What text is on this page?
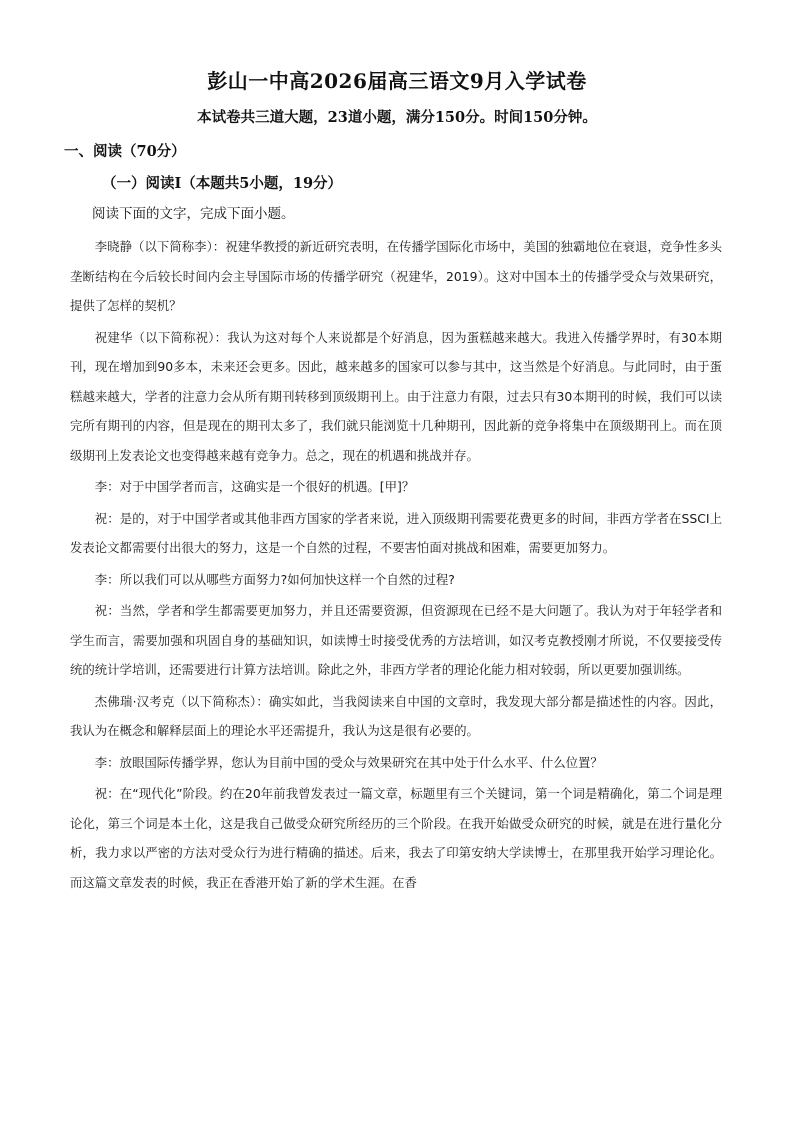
彭山一中高2026届高三语文9月入学试卷
本试卷共三道大题，23道小题，满分150分。时间150分钟。
一、阅读（70分）
（一）阅读Ⅰ（本题共5小题，19分）
阅读下面的文字，完成下面小题。

李晓静（以下简称李）：祝建华教授的新近研究表明，在传播学国际化市场中，美国的独霸地位在衰退，竞争性多头垄断结构在今后较长时间内会主导国际市场的传播学研究（祝建华，2019）。这对中国本土的传播学受众与效果研究，提供了怎样的契机？

祝建华（以下简称祝）：我认为这对每个人来说都是个好消息，因为蛋糕越来越大。我进入传播学界时，有30本期刊，现在增加到90多本，未来还会更多。因此，越来越多的国家可以参与其中，这当然是个好消息。与此同时，由于蛋糕越来越大，学者的注意力会从所有期刊转移到顶级期刊上。由于注意力有限，过去只有30本期刊的时候，我们可以读完所有期刊的内容，但是现在的期刊太多了，我们就只能浏览十几种期刊，因此新的竞争将集中在顶级期刊上。而在顶级期刊上发表论文也变得越来越有竞争力。总之，现在的机遇和挑战并存。

李：对于中国学者而言，这确实是一个很好的机遇。[甲]？

祝：是的，对于中国学者或其他非西方国家的学者来说，进入顶级期刊需要花费更多的时间，非西方学者在SSCI上发表论文都需要付出很大的努力，这是一个自然的过程，不要害怕面对挑战和困难，需要更加努力。

李：所以我们可以从哪些方面努力?如何加快这样一个自然的过程?

祝：当然，学者和学生都需要更加努力，并且还需要资源，但资源现在已经不是大问题了。我认为对于年轻学者和学生而言，需要加强和巩固自身的基础知识，如读博士时接受优秀的方法培训，如汉考克教授刚才所说，不仅要接受传统的统计学培训，还需要进行计算方法培训。除此之外，非西方学者的理论化能力相对较弱，所以更要加强训练。

杰佛瑞·汉考克（以下简称杰）：确实如此，当我阅读来自中国的文章时，我发现大部分都是描述性的内容。因此，我认为在概念和解释层面上的理论水平还需提升，我认为这是很有必要的。

李：放眼国际传播学界，您认为目前中国的受众与效果研究在其中处于什么水平、什么位置？

祝：在“现代化”阶段。约在20年前我曾发表过一篇文章，标题里有三个关键词，第一个词是精确化，第二个词是理论化，第三个词是本土化，这是我自己做受众研究所经历的三个阶段。在我开始做受众研究的时候，就是在进行量化分析，我力求以严密的方法对受众行为进行精确的描述。后来，我去了印第安纳大学读博士，在那里我开始学习理论化。而这篇文章发表的时候，我正在香港开始了新的学术生涯。在香
